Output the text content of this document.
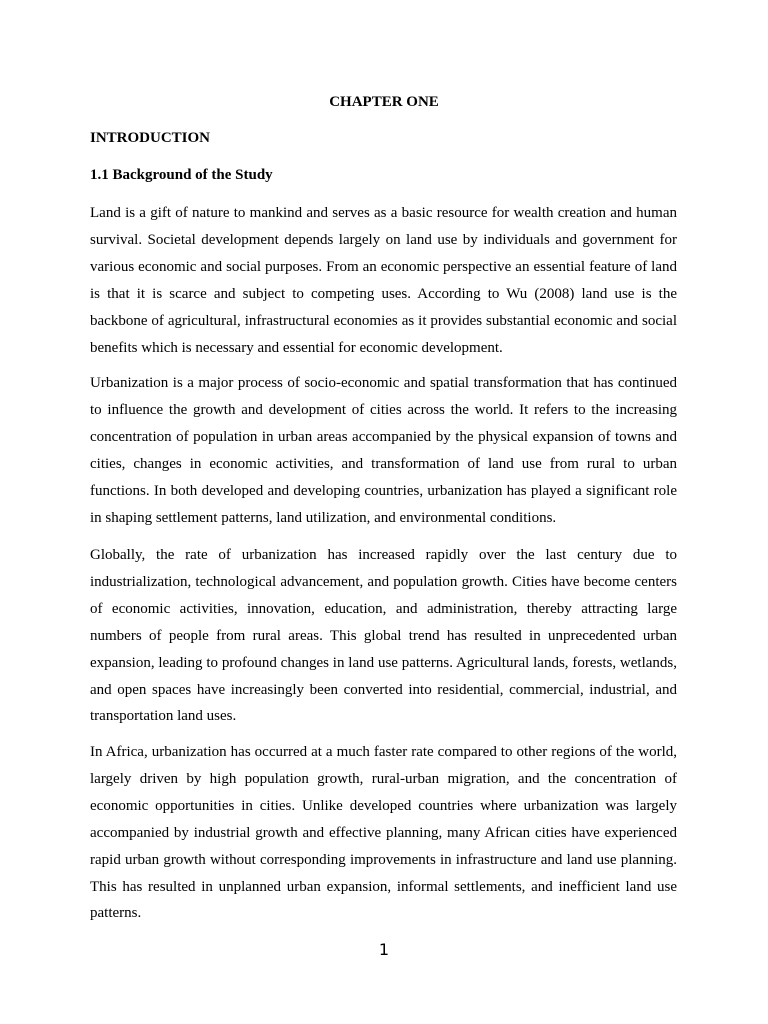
CHAPTER ONE
INTRODUCTION
1.1 Background of the Study

Land is a gift of nature to mankind and serves as a basic resource for wealth creation and human survival. Societal development depends largely on land use by individuals and government for various economic and social purposes. From an economic perspective an essential feature of land is that it is scarce and subject to competing uses. According to Wu (2008) land use is the backbone of agricultural, infrastructural economies as it provides substantial economic and social benefits which is necessary and essential for economic development.

Urbanization is a major process of socio-economic and spatial transformation that has continued to influence the growth and development of cities across the world. It refers to the increasing concentration of population in urban areas accompanied by the physical expansion of towns and cities, changes in economic activities, and transformation of land use from rural to urban functions. In both developed and developing countries, urbanization has played a significant role in shaping settlement patterns, land utilization, and environmental conditions.

Globally, the rate of urbanization has increased rapidly over the last century due to industrialization, technological advancement, and population growth. Cities have become centers of economic activities, innovation, education, and administration, thereby attracting large numbers of people from rural areas. This global trend has resulted in unprecedented urban expansion, leading to profound changes in land use patterns. Agricultural lands, forests, wetlands, and open spaces have increasingly been converted into residential, commercial, industrial, and transportation land uses.

In Africa, urbanization has occurred at a much faster rate compared to other regions of the world, largely driven by high population growth, rural-urban migration, and the concentration of economic opportunities in cities. Unlike developed countries where urbanization was largely accompanied by industrial growth and effective planning, many African cities have experienced rapid urban growth without corresponding improvements in infrastructure and land use planning. This has resulted in unplanned urban expansion, informal settlements, and inefficient land use patterns.

1
